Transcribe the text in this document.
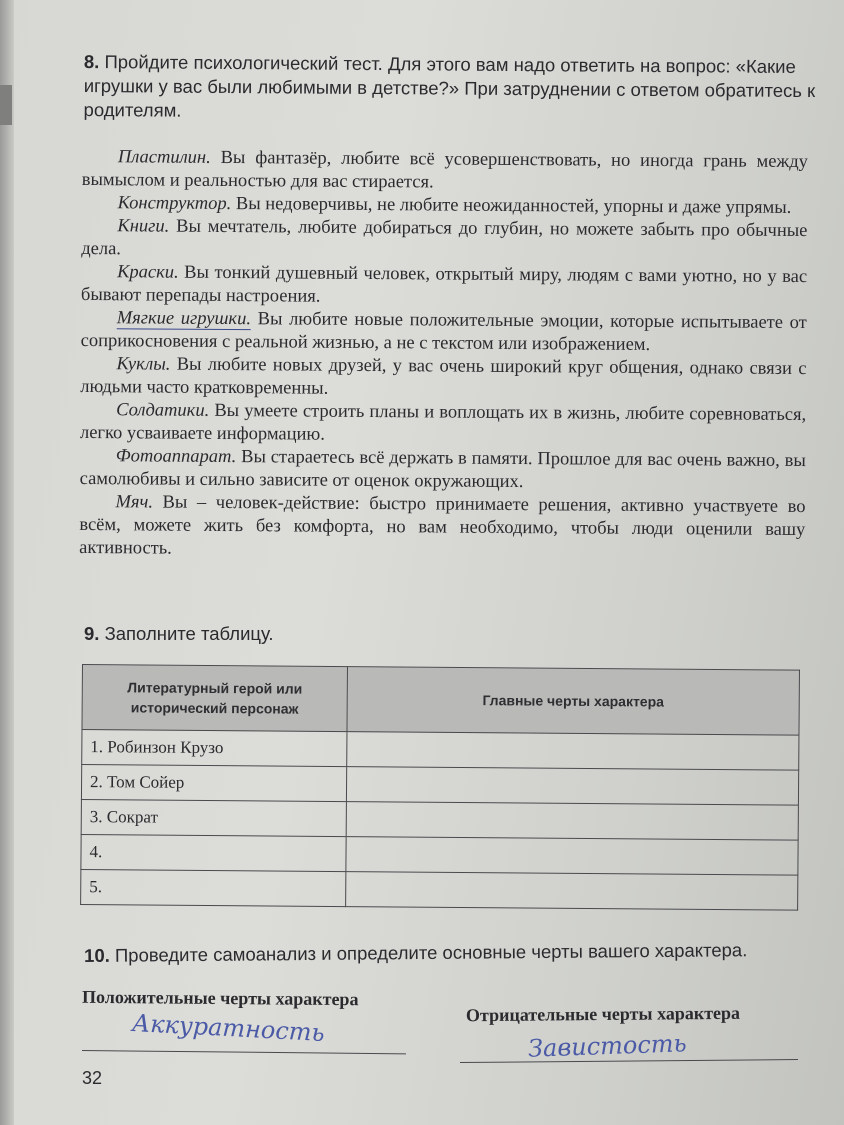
8. Пройдите психологический тест. Для этого вам надо ответить на вопрос: «Какие игрушки у вас были любимыми в детстве?» При затруднении с ответом обратитесь к родителям.

Пластилин. Вы фантазёр, любите всё усовершенствовать, но иногда грань между вымыслом и реальностью для вас стирается.

Конструктор. Вы недоверчивы, не любите неожиданностей, упорны и даже упрямы.

Книги. Вы мечтатель, любите добираться до глубин, но можете забыть про обычные дела.

Краски. Вы тонкий душевный человек, открытый миру, людям с вами уютно, но у вас бывают перепады настроения.

Мягкие игрушки. Вы любите новые положительные эмоции, которые испытываете от соприкосновения с реальной жизнью, а не с текстом или изображением.

Куклы. Вы любите новых друзей, у вас очень широкий круг общения, однако связи с людьми часто кратковременны.

Солдатики. Вы умеете строить планы и воплощать их в жизнь, любите соревноваться, легко усваиваете информацию.

Фотоаппарат. Вы стараетесь всё держать в памяти. Прошлое для вас очень важно, вы самолюбивы и сильно зависите от оценок окружающих.

Мяч. Вы – человек-действие: быстро принимаете решения, активно участвуете во всём, можете жить без комфорта, но вам необходимо, чтобы люди оценили вашу активность.

9. Заполните таблицу.
Литературный герой или исторический персонаж	Главные черты характера
1. Робинзон Крузо	
2. Том Сойер	
3. Сократ	
4.	
5.	
10. Проведите самоанализ и определите основные черты вашего характера.
Положительные черты характера
Отрицательные черты характера
Аккуратность	Завистость
32
